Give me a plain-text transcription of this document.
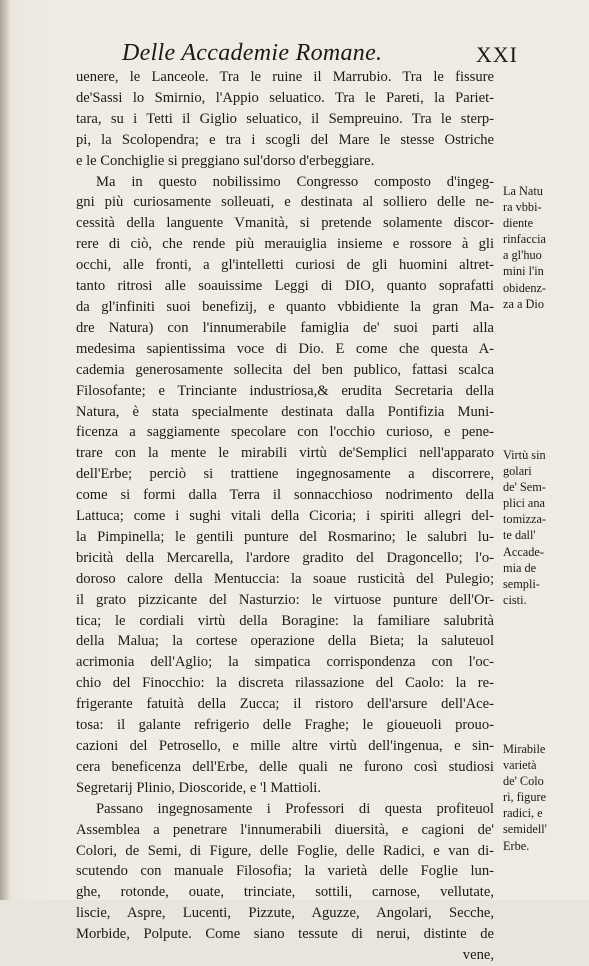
Delle Accademie Romane.	XXI
uenere, le Lanceole. Tra le ruine il Marrubio. Tra le fissure
de'Sassi lo Smirnio, l'Appio seluatico. Tra le Pareti, la Pariet-
tara, su i Tetti il Giglio seluatico, il Sempreuino. Tra le sterp-
pi, la Scolopendra; e tra i scogli del Mare le stesse Ostriche
e le Conchiglie si preggiano sul'dorso d'erbeggiare.
Ma in questo nobilissimo Congresso composto d'ingeg-
gni più curiosamente solleuati, e destinata al solliero delle ne-
cessità della languente Vmanità, si pretende solamente discor-
rere di ciò, che rende più merauiglia insieme e rossore à gli
occhi, alle fronti, a gl'intelletti curiosi de gli huomini altret-
tanto ritrosi alle soauissime Leggi di DIO, quanto soprafatti
da gl'infiniti suoi benefizij, e quanto vbbidiente la gran Ma-
dre Natura) con l'innumerabile famiglia de' suoi parti alla
medesima sapientissima voce di Dio. E come che questa A-
cademia generosamente sollecita del ben publico, fattasi scalca
Filosofante; e Trinciante industriosa,& erudita Secretaria della
Natura, è stata specialmente destinata dalla Pontifizia Muni-
ficenza a saggiamente specolare con l'occhio curioso, e pene-
trare con la mente le mirabili virtù de'Semplici nell'apparato
dell'Erbe; perciò si trattiene ingegnosamente a discorrere,
come si formi dalla Terra il sonnacchioso nodrimento della
Lattuca; come i sughi vitali della Cicoria; i spiriti allegri del-
la Pimpinella; le gentili punture del Rosmarino; le salubri lu-
bricità della Mercarella, l'ardore gradito del Dragoncello; l'o-
doroso calore della Mentuccia: la soaue rusticità del Pulegio;
il grato pizzicante del Nasturzio: le virtuose punture dell'Or-
tica; le cordiali virtù della Boragine: la familiare salubrità
della Malua; la cortese operazione della Bieta; la saluteuol
acrimonia dell'Aglio; la simpatica corrispondenza con l'oc-
chio del Finocchio: la discreta rilassazione del Caolo: la re-
frigerante fatuità della Zucca; il ristoro dell'arsure dell'Ace-
tosa: il galante refrigerio delle Fraghe; le gioueuoli prouo-
cazioni del Petrosello, e mille altre virtù dell'ingenua, e sin-
cera beneficenza dell'Erbe, delle quali ne furono così studiosi
Segretarij Plinio, Dioscoride, e 'l Mattioli.
Passano ingegnosamente i Professori di questa profiteuol
Assemblea a penetrare l'innumerabili diuersità, e cagioni de'
Colori, de Semi, di Figure, delle Foglie, delle Radici, e van di-
scutendo con manuale Filosofia; la varietà delle Foglie lun-
ghe, rotonde, ouate, trinciate, sottili, carnose, vellutate,
liscie, Aspre, Lucenti, Pizzute, Aguzze, Angolari, Secche,
Morbide, Polpute. Come siano tessute di nerui, distinte de
vene,
La Natu
ra vbbi-
diente
rinfaccia
a gl'huo
mini l'in
obidenz-
za a Dio
Virtù sin
golari
de' Sem-
plici ana
tomizza-
te dall'
Accade-
mia de
sempli-
cisti.
Mirabile
varietà
de' Colo
ri, figure
radici, e
semidell'
Erbe.
